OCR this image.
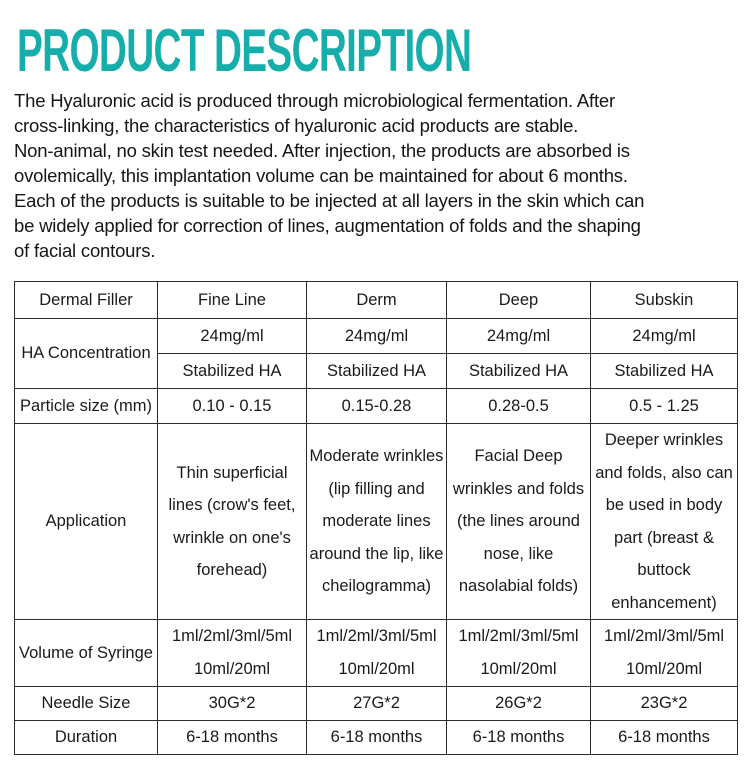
PRODUCT DESCRIPTION
The Hyaluronic acid is produced through microbiological fermentation. After
cross-linking, the characteristics of hyaluronic acid products are stable.
Non-animal, no skin test needed. After injection, the products are absorbed is
ovolemically, this implantation volume can be maintained for about 6 months.
Each of the products is suitable to be injected at all layers in the skin which can
be widely applied for correction of lines, augmentation of folds and the shaping
of facial contours.
Dermal Filler	Fine Line	Derm	Deep	Subskin
HA Concentration	24mg/ml	24mg/ml	24mg/ml	24mg/ml
	Stabilized HA	Stabilized HA	Stabilized HA	Stabilized HA
Particle size (mm)	0.10 - 0.15	0.15-0.28	0.28-0.5	0.5 - 1.25
Application	Thin superficial lines (crow's feet, wrinkle on one's forehead)	Moderate wrinkles (lip filling and moderate lines around the lip, like cheilogramma)	Facial Deep wrinkles and folds (the lines around nose, like nasolabial folds)	Deeper wrinkles and folds, also can be used in body part (breast & buttock enhancement)
Volume of Syringe	1ml/2ml/3ml/5ml 10ml/20ml	1ml/2ml/3ml/5ml 10ml/20ml	1ml/2ml/3ml/5ml 10ml/20ml	1ml/2ml/3ml/5ml 10ml/20ml
Needle Size	30G*2	27G*2	26G*2	23G*2
Duration	6-18 months	6-18 months	6-18 months	6-18 months
